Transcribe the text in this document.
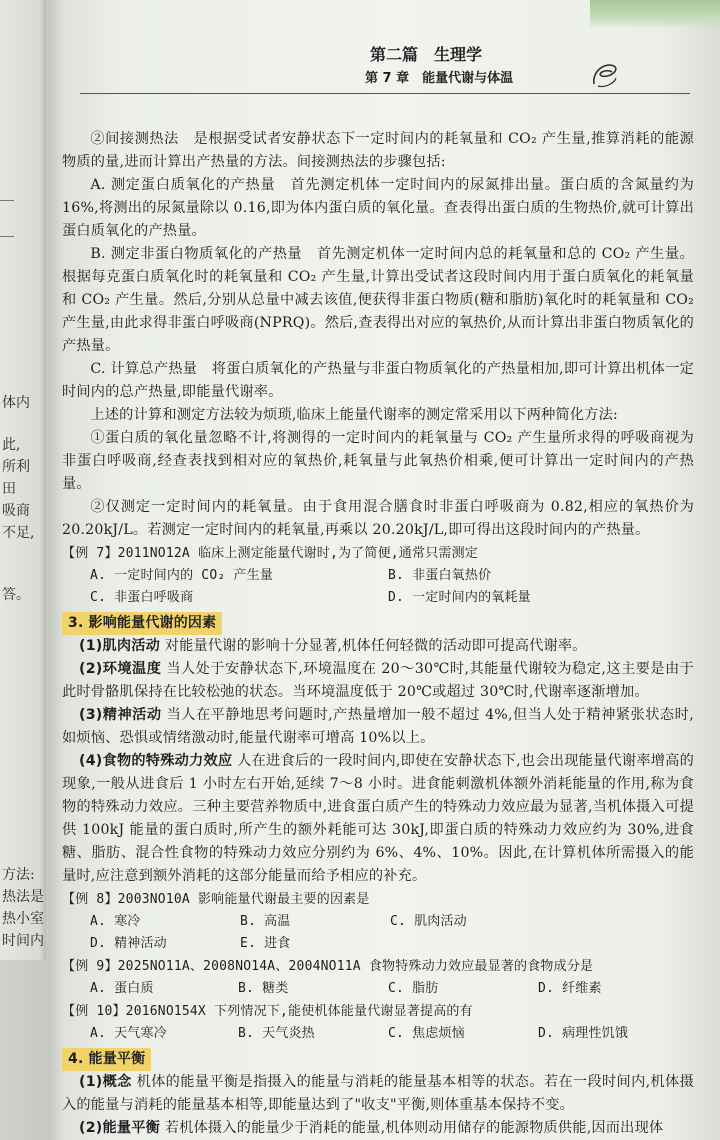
体内
此,
所利
田
吸商
不足,
答。
方法:
热法是
热小室
时间内
第二篇　生理学
第 7 章　能量代谢与体温

②间接测热法　是根据受试者安静状态下一定时间内的耗氧量和 CO₂ 产生量,推算消耗的能源物质的量,进而计算出产热量的方法。间接测热法的步骤包括:

A. 测定蛋白质氧化的产热量　首先测定机体一定时间内的尿氮排出量。蛋白质的含氮量约为 16%,将测出的尿氮量除以 0.16,即为体内蛋白质的氧化量。查表得出蛋白质的生物热价,就可计算出蛋白质氧化的产热量。

B. 测定非蛋白物质氧化的产热量　首先测定机体一定时间内总的耗氧量和总的 CO₂ 产生量。根据每克蛋白质氧化时的耗氧量和 CO₂ 产生量,计算出受试者这段时间内用于蛋白质氧化的耗氧量和 CO₂ 产生量。然后,分别从总量中减去该值,便获得非蛋白物质(糖和脂肪)氧化时的耗氧量和 CO₂ 产生量,由此求得非蛋白呼吸商(NPRQ)。然后,查表得出对应的氧热价,从而计算出非蛋白物质氧化的产热量。

C. 计算总产热量　将蛋白质氧化的产热量与非蛋白物质氧化的产热量相加,即可计算出机体一定时间内的总产热量,即能量代谢率。

上述的计算和测定方法较为烦琐,临床上能量代谢率的测定常采用以下两种简化方法:

①蛋白质的氧化量忽略不计,将测得的一定时间内的耗氧量与 CO₂ 产生量所求得的呼吸商视为非蛋白呼吸商,经查表找到相对应的氧热价,耗氧量与此氧热价相乘,便可计算出一定时间内的产热量。

②仅测定一定时间内的耗氧量。由于食用混合膳食时非蛋白呼吸商为 0.82,相应的氧热价为 20.20kJ/L。若测定一定时间内的耗氧量,再乘以 20.20kJ/L,即可得出这段时间内的产热量。

【例 7】2011NO12A 临床上测定能量代谢时,为了简便,通常只需测定
A. 一定时间内的 CO₂ 产生量	B. 非蛋白氧热价
C. 非蛋白呼吸商	D. 一定时间内的氧耗量
3. 影响能量代谢的因素

(1)肌肉活动 对能量代谢的影响十分显著,机体任何轻微的活动即可提高代谢率。

(2)环境温度 当人处于安静状态下,环境温度在 20～30℃时,其能量代谢较为稳定,这主要是由于此时骨骼肌保持在比较松弛的状态。当环境温度低于 20℃或超过 30℃时,代谢率逐渐增加。

(3)精神活动 当人在平静地思考问题时,产热量增加一般不超过 4%,但当人处于精神紧张状态时,如烦恼、恐惧或情绪激动时,能量代谢率可增高 10%以上。

(4)食物的特殊动力效应 人在进食后的一段时间内,即使在安静状态下,也会出现能量代谢率增高的现象,一般从进食后 1 小时左右开始,延续 7～8 小时。进食能刺激机体额外消耗能量的作用,称为食物的特殊动力效应。三种主要营养物质中,进食蛋白质产生的特殊动力效应最为显著,当机体摄入可提供 100kJ 能量的蛋白质时,所产生的额外耗能可达 30kJ,即蛋白质的特殊动力效应约为 30%,进食糖、脂肪、混合性食物的特殊动力效应分别约为 6%、4%、10%。因此,在计算机体所需摄入的能量时,应注意到额外消耗的这部分能量而给予相应的补充。

【例 8】2003NO10A 影响能量代谢最主要的因素是
A. 寒冷	B. 高温	C. 肌肉活动
D. 精神活动	E. 进食
【例 9】2025NO11A、2008NO14A、2004NO11A 食物特殊动力效应最显著的食物成分是
A. 蛋白质	B. 糖类	C. 脂肪	D. 纤维素
【例 10】2016NO154X 下列情况下,能使机体能量代谢显著提高的有
A. 天气寒冷	B. 天气炎热	C. 焦虑烦恼	D. 病理性饥饿
4. 能量平衡

(1)概念 机体的能量平衡是指摄入的能量与消耗的能量基本相等的状态。若在一段时间内,机体摄入的能量与消耗的能量基本相等,即能量达到了"收支"平衡,则体重基本保持不变。

(2)能量平衡 若机体摄入的能量少于消耗的能量,机体则动用储存的能源物质供能,因而出现体
